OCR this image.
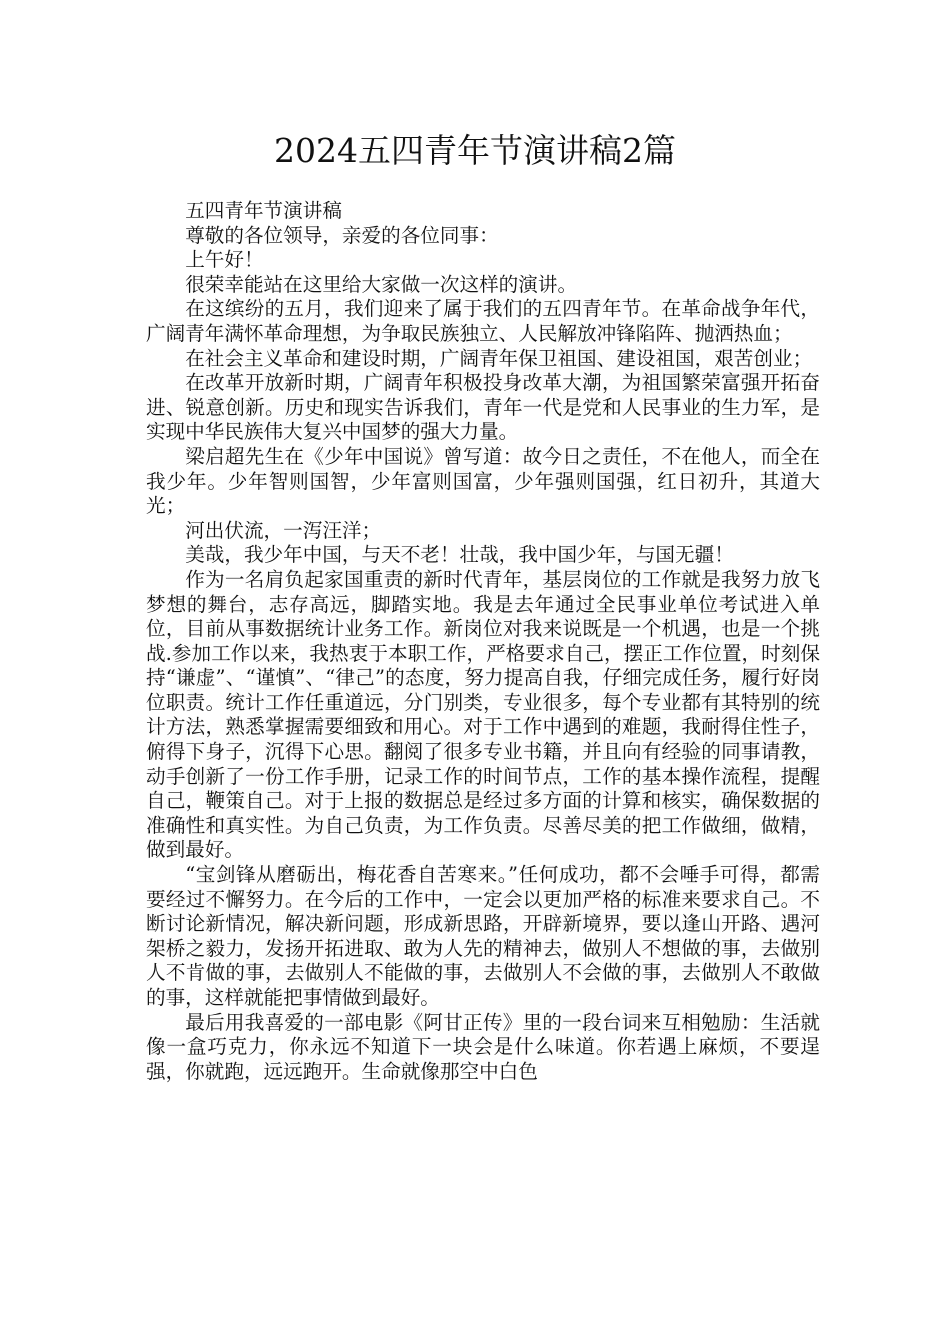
2024五四青年节演讲稿2篇

五四青年节演讲稿

尊敬的各位领导，亲爱的各位同事：

上午好！

很荣幸能站在这里给大家做一次这样的演讲。

在这缤纷的五月，我们迎来了属于我们的五四青年节。在革命战争年代，广阔青年满怀革命理想，为争取民族独立、人民解放冲锋陷阵、抛洒热血；

在社会主义革命和建设时期，广阔青年保卫祖国、建设祖国，艰苦创业；

在改革开放新时期，广阔青年积极投身改革大潮，为祖国繁荣富强开拓奋进、锐意创新。历史和现实告诉我们，青年一代是党和人民事业的生力军，是实现中华民族伟大复兴中国梦的强大力量。

梁启超先生在《少年中国说》曾写道：故今日之责任，不在他人，而全在我少年。少年智则国智，少年富则国富，少年强则国强，红日初升，其道大光；

河出伏流，一泻汪洋；

美哉，我少年中国，与天不老！壮哉，我中国少年，与国无疆！

作为一名肩负起家国重责的新时代青年，基层岗位的工作就是我努力放飞梦想的舞台，志存高远，脚踏实地。我是去年通过全民事业单位考试进入单位，目前从事数据统计业务工作。新岗位对我来说既是一个机遇，也是一个挑战.参加工作以来，我热衷于本职工作，严格要求自己，摆正工作位置，时刻保持“谦虚”、“谨慎”、“律己”的态度，努力提高自我，仔细完成任务，履行好岗位职责。统计工作任重道远，分门别类，专业很多，每个专业都有其特别的统计方法，熟悉掌握需要细致和用心。对于工作中遇到的难题，我耐得住性子，俯得下身子，沉得下心思。翻阅了很多专业书籍，并且向有经验的同事请教，动手创新了一份工作手册，记录工作的时间节点，工作的基本操作流程，提醒自己，鞭策自己。对于上报的数据总是经过多方面的计算和核实，确保数据的准确性和真实性。为自己负责，为工作负责。尽善尽美的把工作做细，做精，做到最好。

“宝剑锋从磨砺出，梅花香自苦寒来。”任何成功，都不会唾手可得，都需要经过不懈努力。在今后的工作中，一定会以更加严格的标准来要求自己。不断讨论新情况，解决新问题，形成新思路，开辟新境界，要以逢山开路、遇河架桥之毅力，发扬开拓进取、敢为人先的精神去，做别人不想做的事，去做别人不肯做的事，去做别人不能做的事，去做别人不会做的事，去做别人不敢做的事，这样就能把事情做到最好。

最后用我喜爱的一部电影《阿甘正传》里的一段台词来互相勉励：生活就像一盒巧克力，你永远不知道下一块会是什么味道。你若遇上麻烦，不要逞强，你就跑，远远跑开。生命就像那空中白色
